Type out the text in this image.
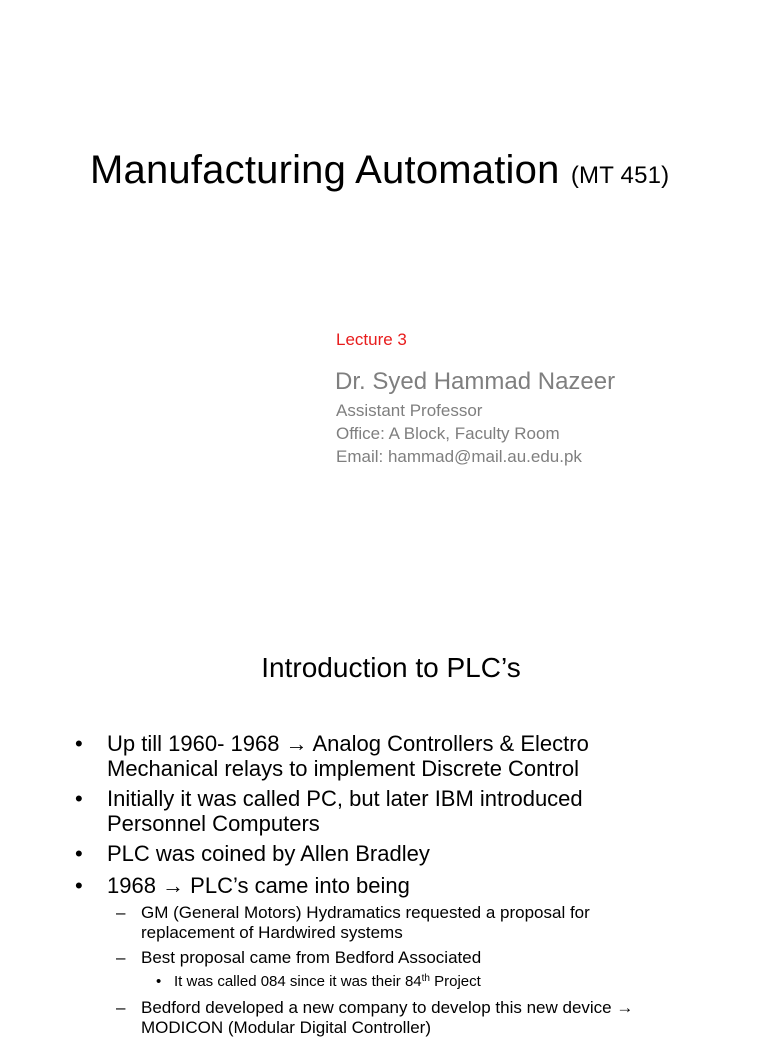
Manufacturing Automation (MT 451)
Lecture 3
Dr. Syed Hammad Nazeer
Assistant Professor
Office: A Block, Faculty Room
Email: hammad@mail.au.edu.pk
Introduction to PLC’s
•	Up till 1960- 1968 → Analog Controllers & Electro
Mechanical relays to implement Discrete Control
•	Initially it was called PC, but later IBM introduced
Personnel Computers
•	PLC was coined by Allen Bradley
•	1968 → PLC’s came into being
– GM (General Motors) Hydramatics requested a proposal for
replacement of Hardwired systems
– Best proposal came from Bedford Associated
• It was called 084 since it was their 84th Project
– Bedford developed a new company to develop this new device →
MODICON (Modular Digital Controller)
